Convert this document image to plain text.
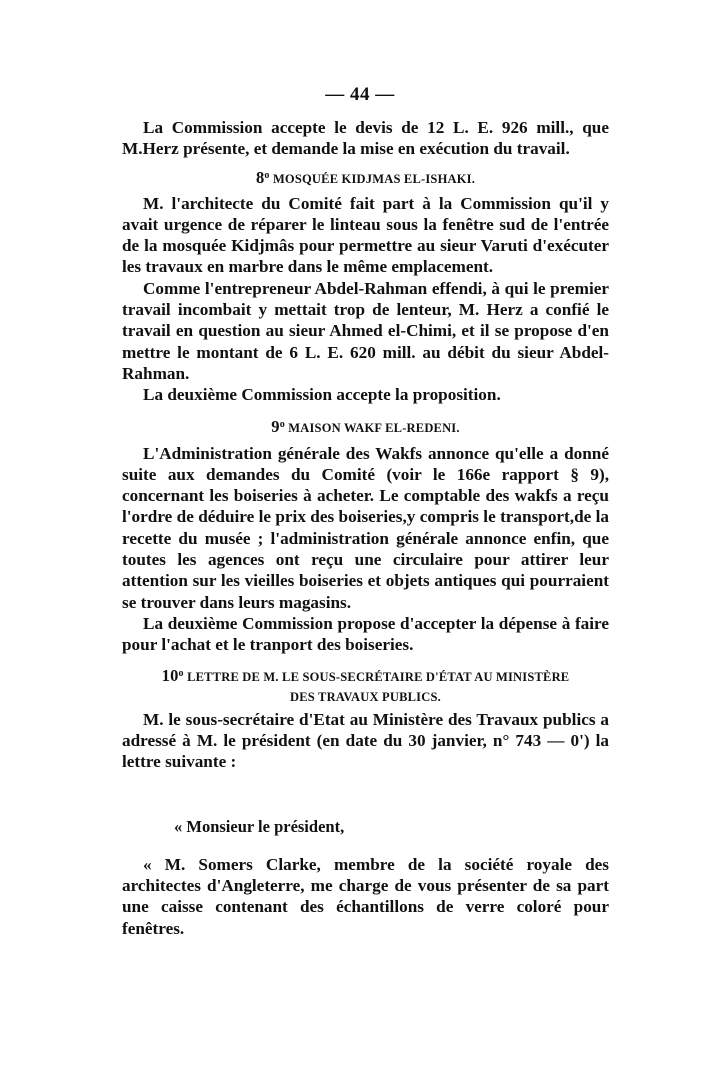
— 44 —

La Commission accepte le devis de 12 L. E. 926 mill., que M.Herz présente, et demande la mise en exécution du travail.

8$^o$ MOSQUÉE KIDJMAS EL-ISHAKI.

M. l'architecte du Comité fait part à la Commission qu'il y avait urgence de réparer le linteau sous la fenêtre sud de l'entrée de la mosquée Kidjmâs pour permettre au sieur Varuti d'exécuter les travaux en marbre dans le même emplacement.

Comme l'entrepreneur Abdel-Rahman effendi, à qui le premier travail incombait y mettait trop de lenteur, M. Herz a confié le travail en question au sieur Ahmed el-Chimi, et il se propose d'en mettre le montant de 6 L. E. 620 mill. au débit du sieur Abdel-Rahman.

La deuxième Commission accepte la proposition.

9$^o$ MAISON WAKF EL-REDENI.

L'Administration générale des Wakfs annonce qu'elle a donné suite aux demandes du Comité (voir le 166e rapport § 9), concernant les boiseries à acheter. Le comptable des wakfs a reçu l'ordre de déduire le prix des boiseries,y compris le transport,de la recette du musée ; l'administration générale annonce enfin, que toutes les agences ont reçu une circulaire pour attirer leur attention sur les vieilles boiseries et objets antiques qui pourraient se trouver dans leurs magasins.

La deuxième Commission propose d'accepter la dépense à faire pour l'achat et le tranport des boiseries.

10$^o$ LETTRE DE M. LE SOUS-SECRÉTAIRE D'ÉTAT AU MINISTÈRE DES TRAVAUX PUBLICS.

M. le sous-secrétaire d'Etat au Ministère des Travaux publics a adressé à M. le président (en date du 30 janvier, n° 743 — 0') la lettre suivante :

« Monsieur le président,

« M. Somers Clarke, membre de la société royale des architectes d'Angleterre, me charge de vous présenter de sa part une caisse contenant des échantillons de verre coloré pour fenêtres.
